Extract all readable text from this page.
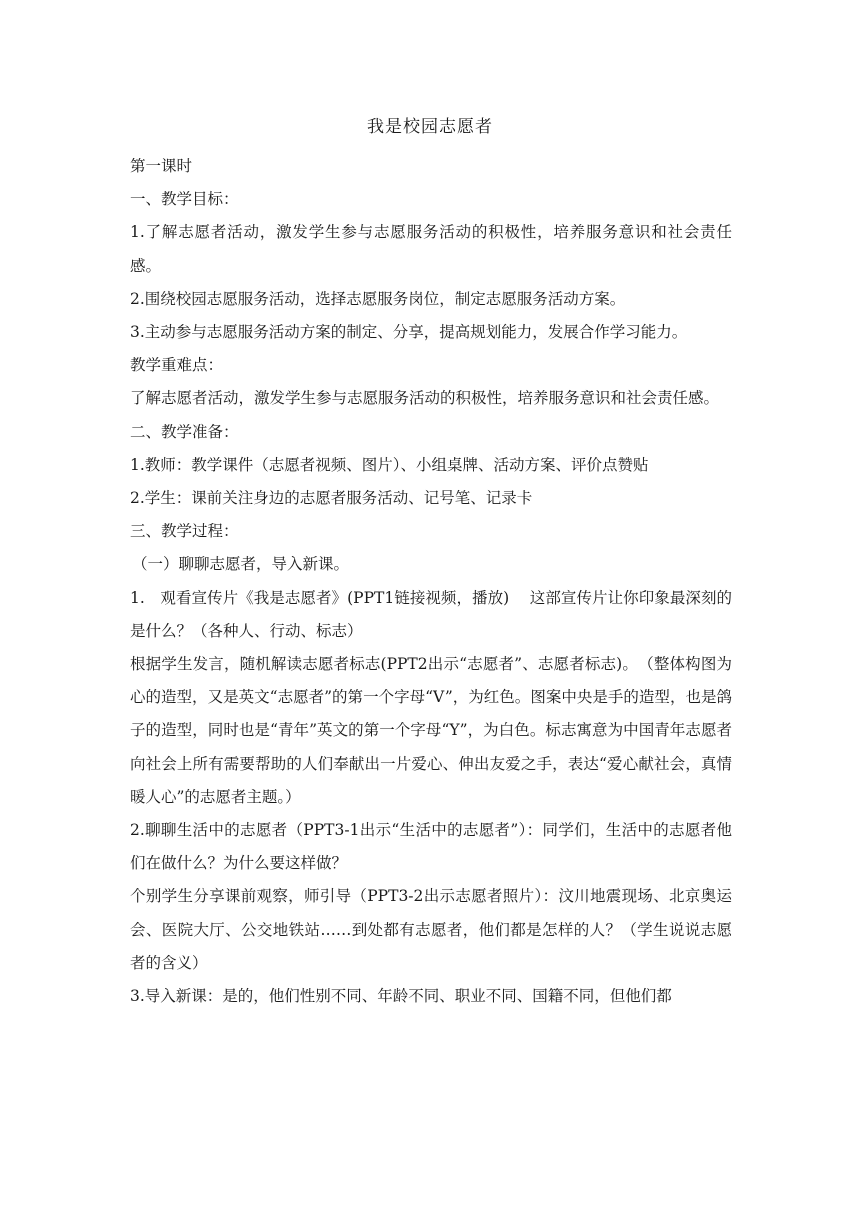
我是校园志愿者

第一课时

一、教学目标：

1.了解志愿者活动，激发学生参与志愿服务活动的积极性，培养服务意识和社会责任感。

2.围绕校园志愿服务活动，选择志愿服务岗位，制定志愿服务活动方案。

3.主动参与志愿服务活动方案的制定、分享，提高规划能力，发展合作学习能力。

教学重难点：

了解志愿者活动，激发学生参与志愿服务活动的积极性，培养服务意识和社会责任感。

二、教学准备：

1.教师：教学课件（志愿者视频、图片）、小组桌牌、活动方案、评价点赞贴

2.学生：课前关注身边的志愿者服务活动、记号笔、记录卡

三、教学过程：

（一）聊聊志愿者，导入新课。

1.　观看宣传片《我是志愿者》(PPT1链接视频，播放)　 这部宣传片让你印象最深刻的是什么？（各种人、行动、标志）

根据学生发言，随机解读志愿者标志(PPT2出示“志愿者”、志愿者标志)。　（整体构图为心的造型，又是英文“志愿者”的第一个字母“V”，为红色。图案中央是手的造型，也是鸽子的造型，同时也是“青年”英文的第一个字母“Y”，为白色。标志寓意为中国青年志愿者向社会上所有需要帮助的人们奉献出一片爱心、伸出友爱之手，表达“爱心献社会，真情暖人心”的志愿者主题。）

2.聊聊生活中的志愿者（PPT3-1出示“生活中的志愿者”）：同学们，生活中的志愿者他们在做什么？为什么要这样做？

个别学生分享课前观察，师引导（PPT3-2出示志愿者照片）：汶川地震现场、北京奥运会、医院大厅、公交地铁站……到处都有志愿者，他们都是怎样的人？（学生说说志愿者的含义）

3.导入新课：是的，他们性别不同、年龄不同、职业不同、国籍不同，但他们都
